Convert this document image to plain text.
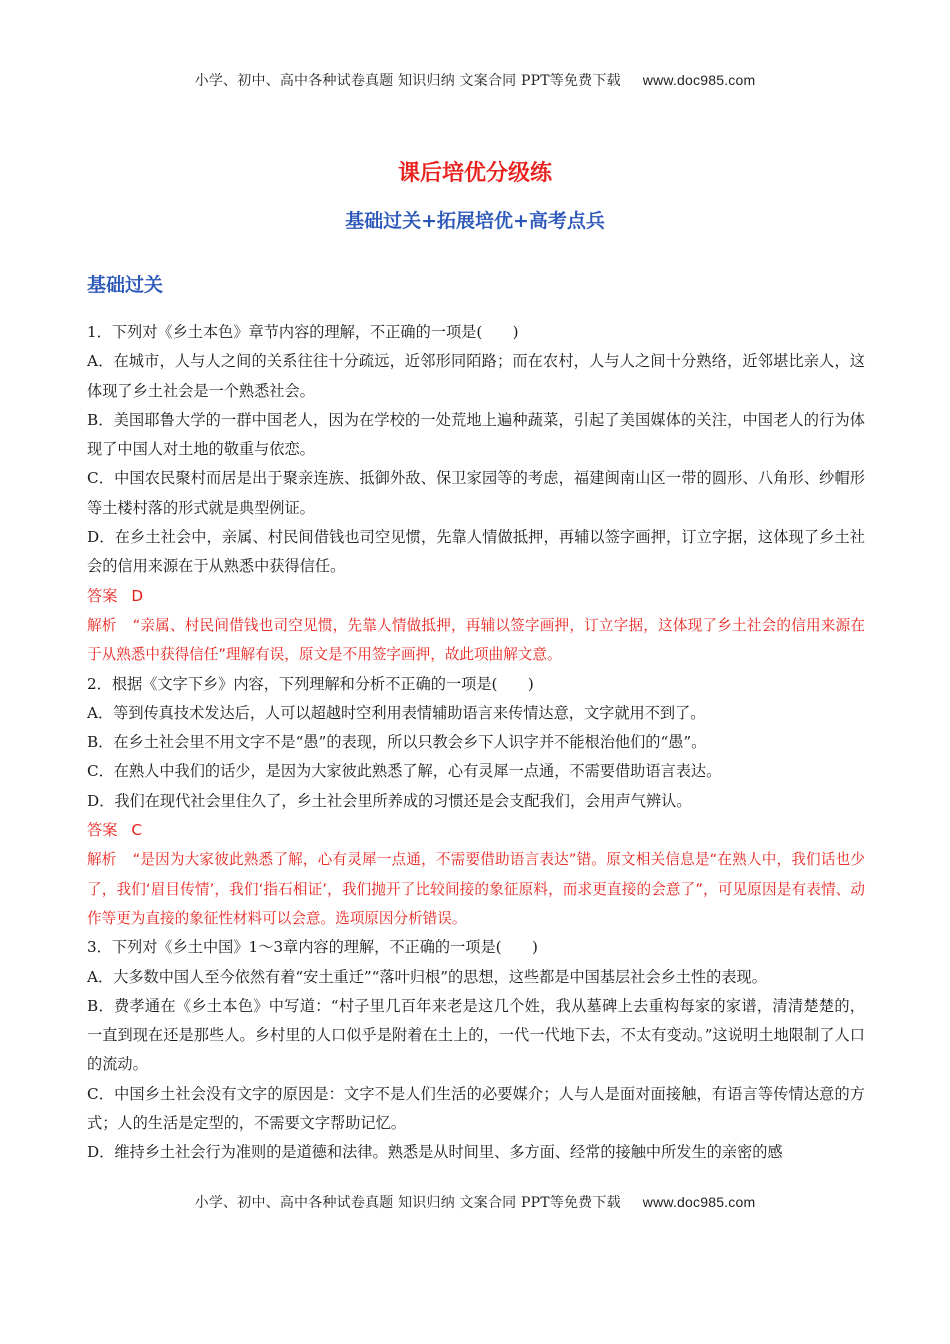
小学、初中、高中各种试卷真题 知识归纳 文案合同 PPT等免费下载 www.doc985.com
课后培优分级练
基础过关+拓展培优+高考点兵
基础过关

1．下列对《乡土本色》章节内容的理解，不正确的一项是(　　)

A．在城市，人与人之间的关系往往十分疏远，近邻形同陌路；而在农村，人与人之间十分熟络，近邻堪比亲人，这体现了乡土社会是一个熟悉社会。

B．美国耶鲁大学的一群中国老人，因为在学校的一处荒地上遍种蔬菜，引起了美国媒体的关注，中国老人的行为体现了中国人对土地的敬重与依恋。

C．中国农民聚村而居是出于聚亲连族、抵御外敌、保卫家园等的考虑，福建闽南山区一带的圆形、八角形、纱帽形等土楼村落的形式就是典型例证。

D．在乡土社会中，亲属、村民间借钱也司空见惯，先靠人情做抵押，再辅以签字画押，订立字据，这体现了乡土社会的信用来源在于从熟悉中获得信任。

答案 D

解析 “亲属、村民间借钱也司空见惯，先靠人情做抵押，再辅以签字画押，订立字据，这体现了乡土社会的信用来源在于从熟悉中获得信任”理解有误，原文是不用签字画押，故此项曲解文意。

2．根据《文字下乡》内容，下列理解和分析不正确的一项是(　　)

A．等到传真技术发达后，人可以超越时空利用表情辅助语言来传情达意，文字就用不到了。

B．在乡土社会里不用文字不是“愚”的表现，所以只教会乡下人识字并不能根治他们的“愚”。

C．在熟人中我们的话少，是因为大家彼此熟悉了解，心有灵犀一点通，不需要借助语言表达。

D．我们在现代社会里住久了，乡土社会里所养成的习惯还是会支配我们，会用声气辨认。

答案 C

解析 “是因为大家彼此熟悉了解，心有灵犀一点通，不需要借助语言表达”错。原文相关信息是“在熟人中，我们话也少了，我们‘眉目传情’，我们‘指石相证’，我们抛开了比较间接的象征原料，而求更直接的会意了”，可见原因是有表情、动作等更为直接的象征性材料可以会意。选项原因分析错误。

3．下列对《乡土中国》1～3章内容的理解，不正确的一项是(　　)

A．大多数中国人至今依然有着“安土重迁”“落叶归根”的思想，这些都是中国基层社会乡土性的表现。

B．费孝通在《乡土本色》中写道：“村子里几百年来老是这几个姓，我从墓碑上去重构每家的家谱，清清楚楚的，一直到现在还是那些人。乡村里的人口似乎是附着在土上的，一代一代地下去，不太有变动。”这说明土地限制了人口的流动。

C．中国乡土社会没有文字的原因是：文字不是人们生活的必要媒介；人与人是面对面接触，有语言等传情达意的方式；人的生活是定型的，不需要文字帮助记忆。

D．维持乡土社会行为准则的是道德和法律。熟悉是从时间里、多方面、经常的接触中所发生的亲密的感

小学、初中、高中各种试卷真题 知识归纳 文案合同 PPT等免费下载 www.doc985.com
